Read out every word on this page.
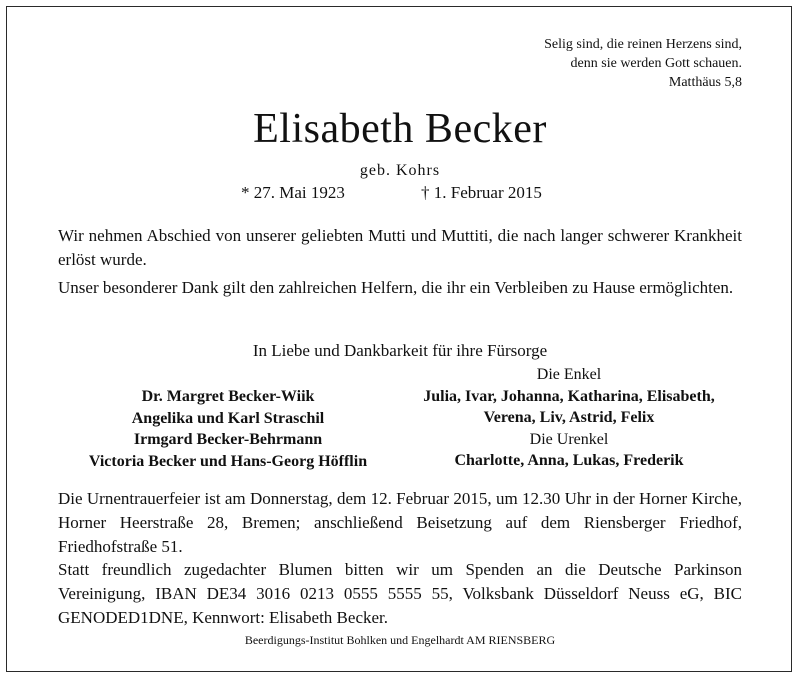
Selig sind, die reinen Herzens sind,
denn sie werden Gott schauen.
Matthäus 5,8
Elisabeth Becker
geb. Kohrs
* 27. Mai 1923	† 1. Februar 2015
Wir nehmen Abschied von unserer geliebten Mutti und Muttiti, die nach langer schwerer Krankheit erlöst wurde.
Unser besonderer Dank gilt den zahlreichen Helfern, die ihr ein Verbleiben zu Hause ermöglichten.
In Liebe und Dankbarkeit für ihre Fürsorge
Dr. Margret Becker-Wiik
Angelika und Karl Straschil
Irmgard Becker-Behrmann
Victoria Becker und Hans-Georg Höfflin
Die Enkel
Julia, Ivar, Johanna, Katharina, Elisabeth,
Verena, Liv, Astrid, Felix
Die Urenkel
Charlotte, Anna, Lukas, Frederik
Die Urnentrauerfeier ist am Donnerstag, dem 12. Februar 2015, um 12.30 Uhr in der Horner Kirche, Horner Heerstraße 28, Bremen; anschließend Beisetzung auf dem Riensberger Friedhof, Friedhofstraße 51.
Statt freundlich zugedachter Blumen bitten wir um Spenden an die Deutsche Parkinson Vereinigung, IBAN DE34 3016 0213 0555 5555 55, Volksbank Düsseldorf Neuss eG, BIC GENODED1DNE, Kennwort: Elisabeth Becker.
Beerdigungs-Institut Bohlken und Engelhardt AM RIENSBERG
